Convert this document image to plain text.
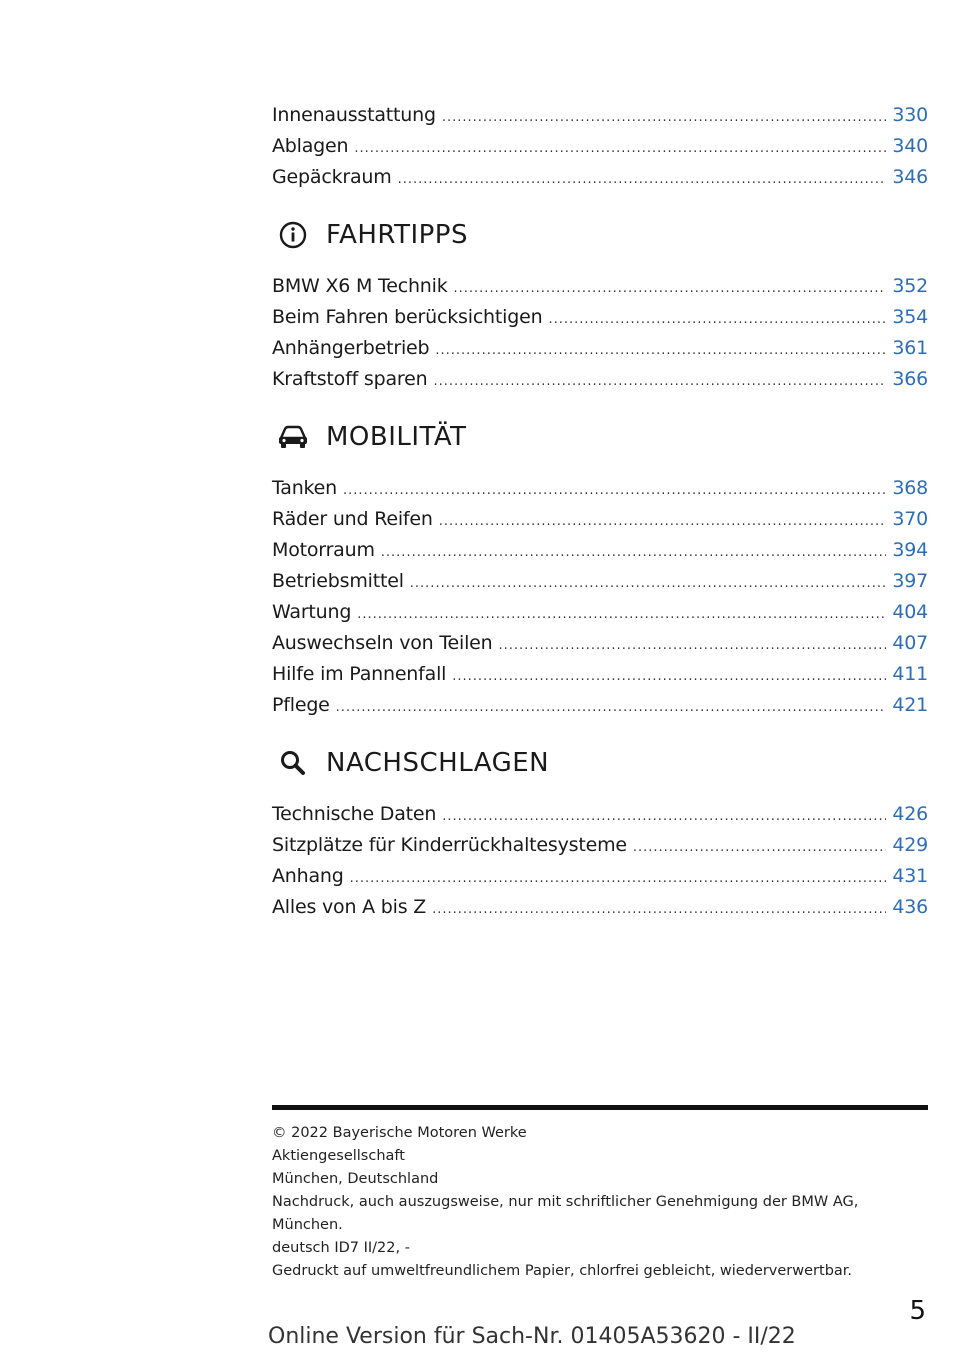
Innenausstattung .....	330
Ablagen .....	340
Gepäckraum .....	346
FAHRTIPPS
BMW X6 M Technik .....	352
Beim Fahren berücksichtigen .....	354
Anhängerbetrieb .....	361
Kraftstoff sparen .....	366
MOBILITÄT
Tanken .....	368
Räder und Reifen .....	370
Motorraum .....	394
Betriebsmittel .....	397
Wartung .....	404
Auswechseln von Teilen .....	407
Hilfe im Pannenfall .....	411
Pflege .....	421
NACHSCHLAGEN
Technische Daten .....	426
Sitzplätze für Kinderrückhaltesysteme .....	429
Anhang .....	431
Alles von A bis Z .....	436
© 2022 Bayerische Motoren Werke
Aktiengesellschaft
München, Deutschland
Nachdruck, auch auszugsweise, nur mit schriftlicher Genehmigung der BMW AG,
München.
deutsch ID7 II/22, -
Gedruckt auf umweltfreundlichem Papier, chlorfrei gebleicht, wiederverwertbar.
5
Online Version für Sach-Nr. 01405A53620 - II/22
